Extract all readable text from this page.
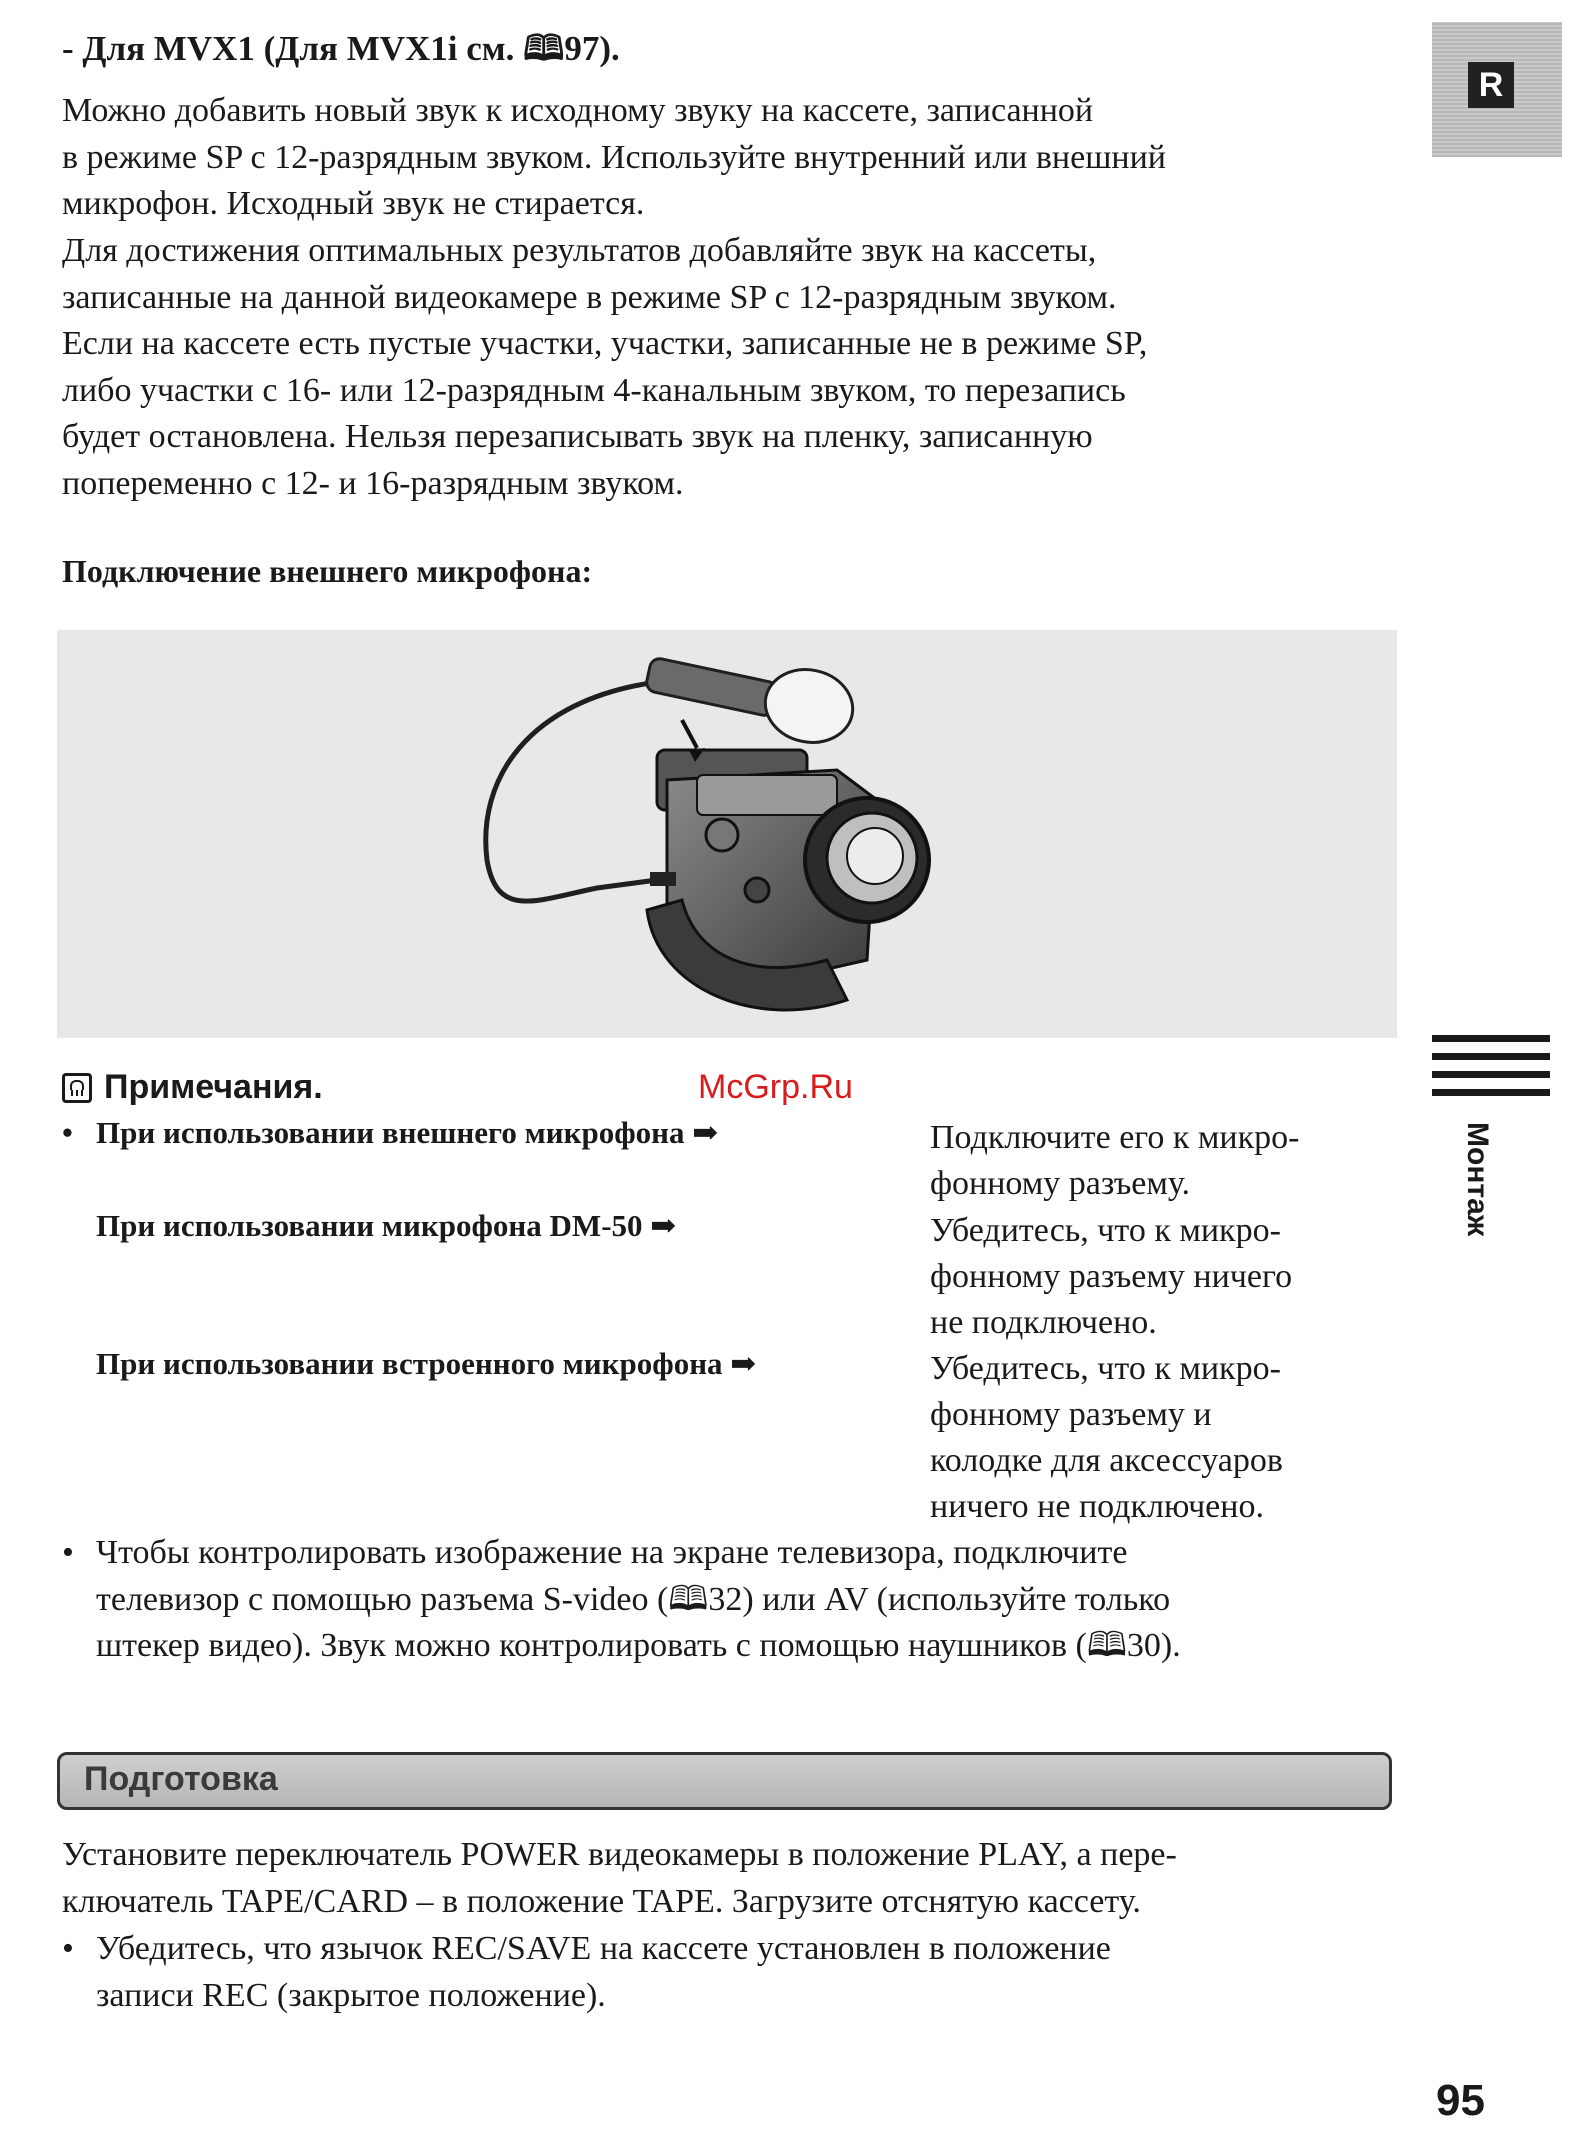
- Для MVX1 (Для MVX1i см. 🕮97).
Можно добавить новый звук к исходному звуку на кассете, записанной
в режиме SP с 12-разрядным звуком. Используйте внутренний или внешний
микрофон. Исходный звук не стирается.
Для достижения оптимальных результатов добавляйте звук на кассеты,
записанные на данной видеокамере в режиме SP с 12-разрядным звуком.
Если на кассете есть пустые участки, участки, записанные не в режиме SP,
либо участки с 16- или 12-разрядным 4-канальным звуком, то перезапись
будет остановлена. Нельзя перезаписывать звук на пленку, записанную
попеременно с 12- и 16-разрядным звуком.
Подключение внешнего микрофона:
Примечания.	McGrp.Ru
• При использовании внешнего микрофона ➡	Подключите его к микро-
фонному разъему.
При использовании микрофона DM-50 ➡	Убедитесь, что к микро-
фонному разъему ничего
не подключено.
При использовании встроенного микрофона ➡	Убедитесь, что к микро-
фонному разъему и
колодке для аксессуаров
ничего не подключено.
• Чтобы контролировать изображение на экране телевизора, подключите
телевизор с помощью разъема S-video (🕮32) или AV (используйте только
штекер видео). Звук можно контролировать с помощью наушников (🕮30).
Подготовка
Установите переключатель POWER видеокамеры в положение PLAY, а пере-
ключатель TAPE/CARD – в положение TAPE. Загрузите отснятую кассету.
• Убедитесь, что язычок REC/SAVE на кассете установлен в положение
записи REC (закрытое положение).
R
Монтаж
95
